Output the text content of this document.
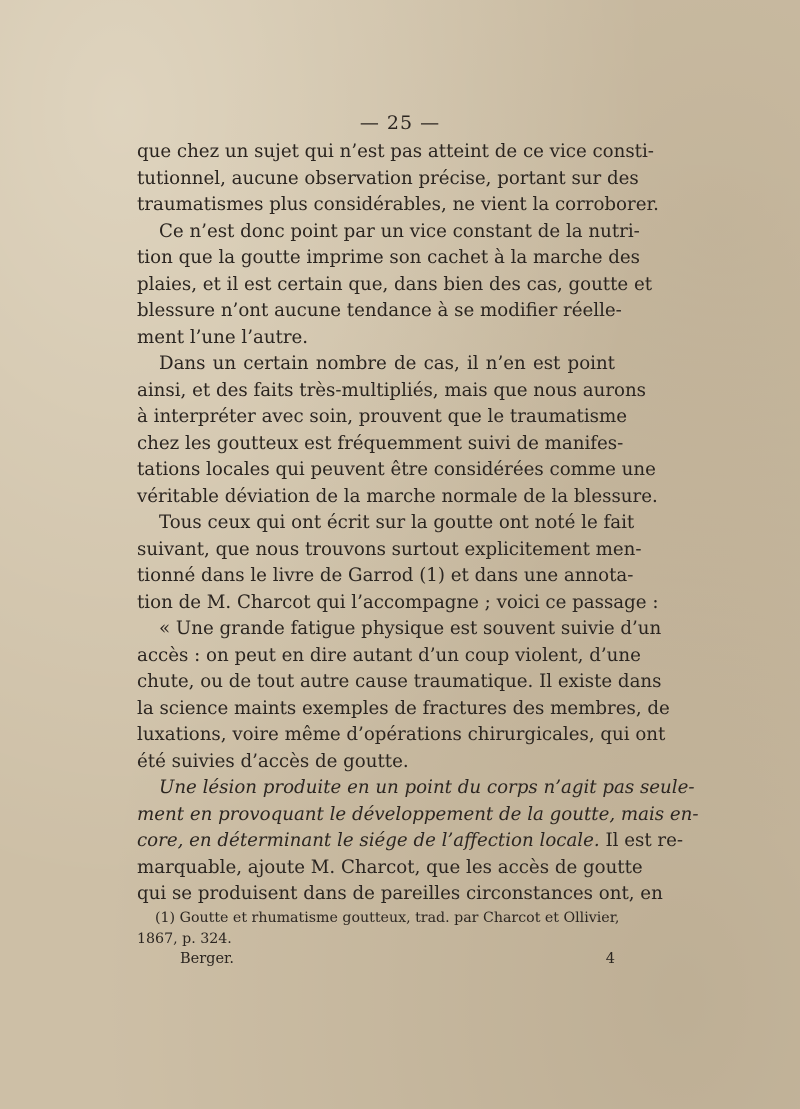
— 25 —
que chez un sujet qui n’est pas atteint de ce vice consti-
tutionnel, aucune observation précise, portant sur des
traumatismes plus considérables, ne vient la corroborer.
Ce n’est donc point par un vice constant de la nutri-
tion que la goutte imprime son cachet à la marche des
plaies, et il est certain que, dans bien des cas, goutte et
blessure n’ont aucune tendance à se modifier réelle-
ment l’une l’autre.
Dans un certain nombre de cas, il n’en est point
ainsi, et des faits très-multipliés, mais que nous aurons
à interpréter avec soin, prouvent que le traumatisme
chez les goutteux est fréquemment suivi de manifes-
tations locales qui peuvent être considérées comme une
véritable déviation de la marche normale de la blessure.
Tous ceux qui ont écrit sur la goutte ont noté le fait
suivant, que nous trouvons surtout explicitement men-
tionné dans le livre de Garrod (1) et dans une annota-
tion de M. Charcot qui l’accompagne ; voici ce passage :
« Une grande fatigue physique est souvent suivie d’un
accès : on peut en dire autant d’un coup violent, d’une
chute, ou de tout autre cause traumatique. Il existe dans
la science maints exemples de fractures des membres, de
luxations, voire même d’opérations chirurgicales, qui ont
été suivies d’accès de goutte.
Une lésion produite en un point du corps n’agit pas seule-
ment en provoquant le développement de la goutte, mais en-
core, en déterminant le siége de l’affection locale. Il est re-
marquable, ajoute M. Charcot, que les accès de goutte
qui se produisent dans de pareilles circonstances ont, en
(1) Goutte et rhumatisme goutteux, trad. par Charcot et Ollivier,
1867, p. 324.
Berger.	4
